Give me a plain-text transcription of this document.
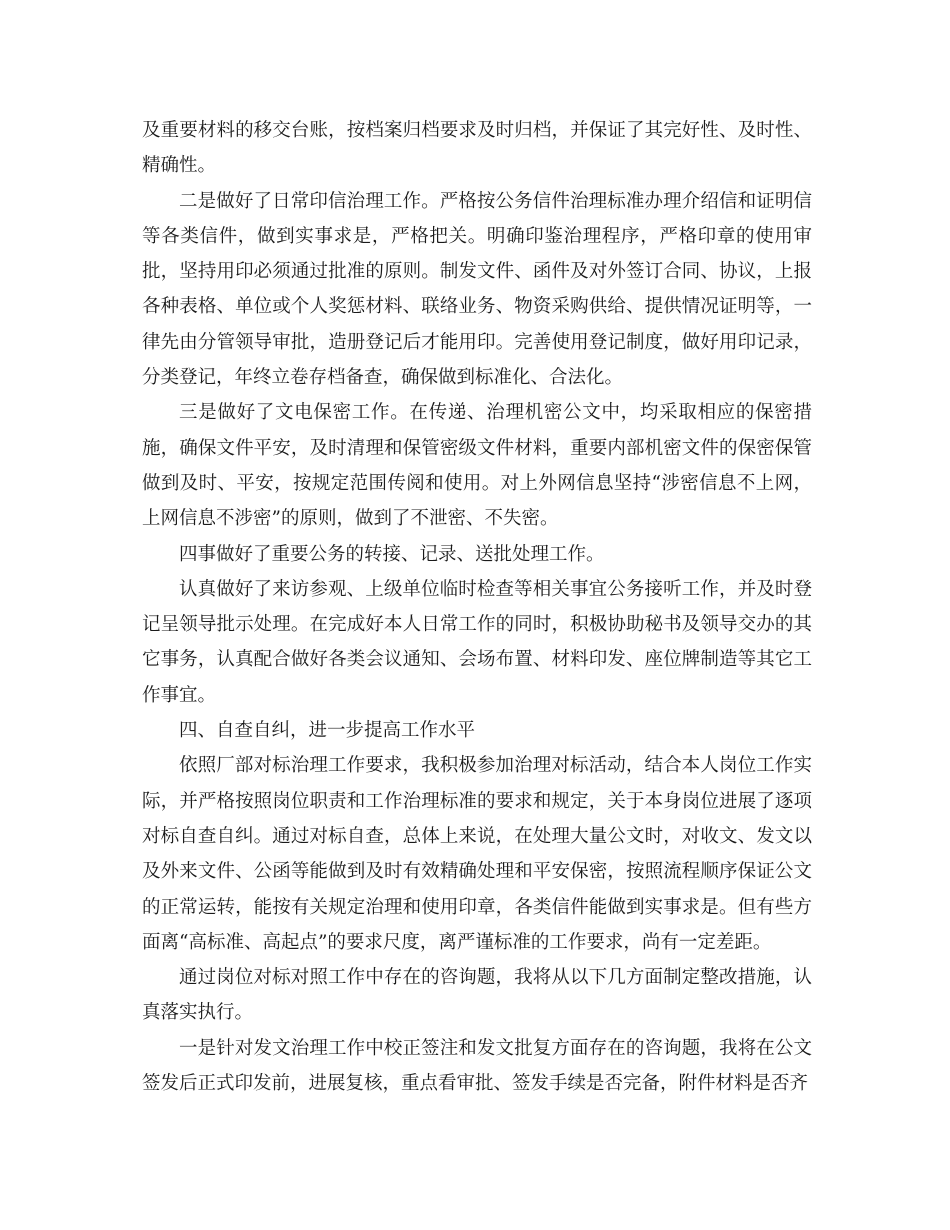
及重要材料的移交台账，按档案归档要求及时归档，并保证了其完好性、及时性、精确性。

二是做好了日常印信治理工作。严格按公务信件治理标准办理介绍信和证明信等各类信件，做到实事求是，严格把关。明确印鉴治理程序，严格印章的使用审批，坚持用印必须通过批准的原则。制发文件、函件及对外签订合同、协议，上报各种表格、单位或个人奖惩材料、联络业务、物资采购供给、提供情况证明等，一律先由分管领导审批，造册登记后才能用印。完善使用登记制度，做好用印记录，分类登记，年终立卷存档备查，确保做到标准化、合法化。

三是做好了文电保密工作。在传递、治理机密公文中，均采取相应的保密措施，确保文件平安，及时清理和保管密级文件材料，重要内部机密文件的保密保管做到及时、平安，按规定范围传阅和使用。对上外网信息坚持“涉密信息不上网，上网信息不涉密”的原则，做到了不泄密、不失密。

四事做好了重要公务的转接、记录、送批处理工作。

认真做好了来访参观、上级单位临时检查等相关事宜公务接听工作，并及时登记呈领导批示处理。在完成好本人日常工作的同时，积极协助秘书及领导交办的其它事务，认真配合做好各类会议通知、会场布置、材料印发、座位牌制造等其它工作事宜。

四、自查自纠，进一步提高工作水平

依照厂部对标治理工作要求，我积极参加治理对标活动，结合本人岗位工作实际，并严格按照岗位职责和工作治理标准的要求和规定，关于本身岗位进展了逐项对标自查自纠。通过对标自查，总体上来说，在处理大量公文时，对收文、发文以及外来文件、公函等能做到及时有效精确处理和平安保密，按照流程顺序保证公文的正常运转，能按有关规定治理和使用印章，各类信件能做到实事求是。但有些方面离“高标准、高起点”的要求尺度，离严谨标准的工作要求，尚有一定差距。

通过岗位对标对照工作中存在的咨询题，我将从以下几方面制定整改措施，认真落实执行。

一是针对发文治理工作中校正签注和发文批复方面存在的咨询题，我将在公文签发后正式印发前，进展复核，重点看审批、签发手续是否完备，附件材料是否齐
